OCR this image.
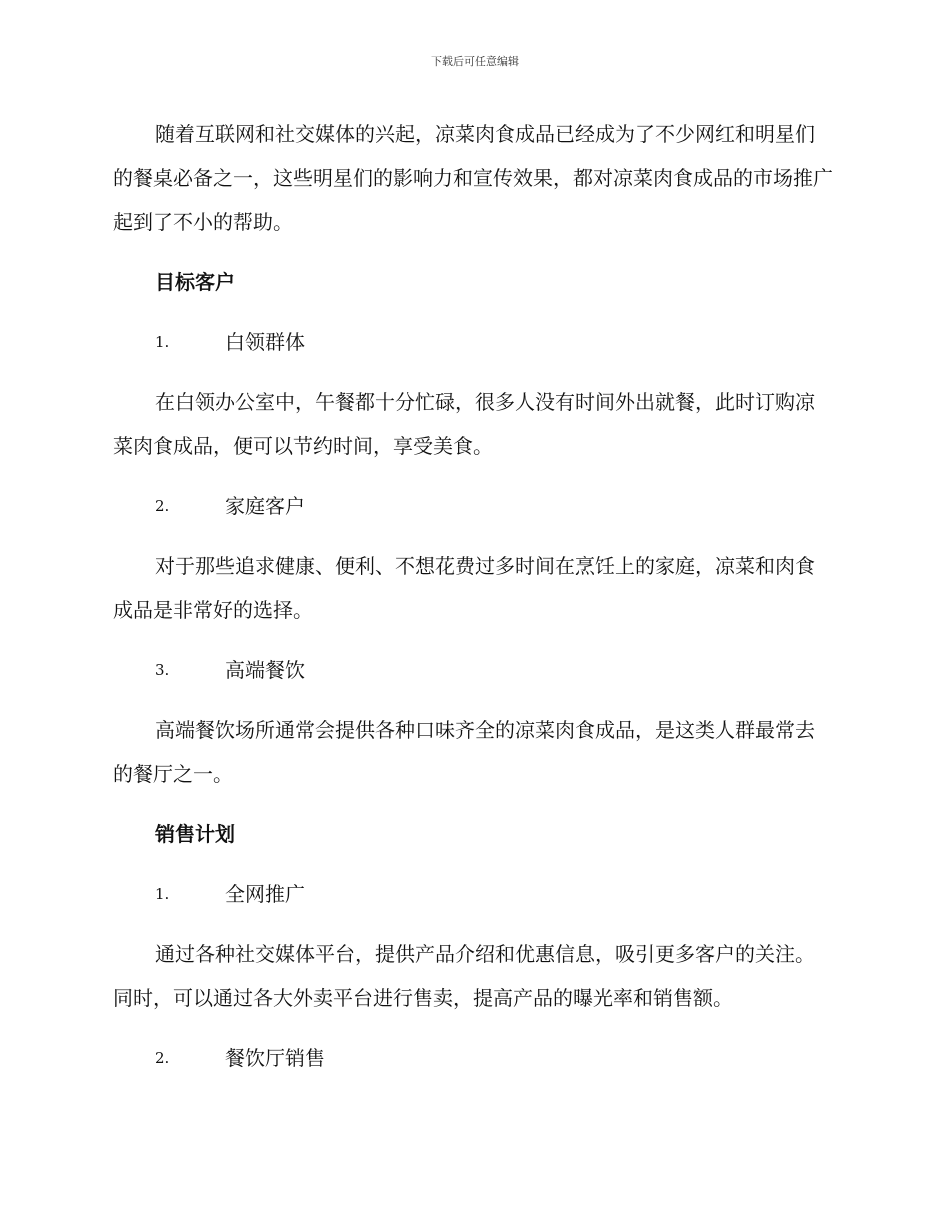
下载后可任意编辑

随着互联网和社交媒体的兴起，凉菜肉食成品已经成为了不少网红和明星们的餐桌必备之一，这些明星们的影响力和宣传效果，都对凉菜肉食成品的市场推广起到了不小的帮助。

目标客户
1.	白领群体

在白领办公室中，午餐都十分忙碌，很多人没有时间外出就餐，此时订购凉菜肉食成品，便可以节约时间，享受美食。

2.	家庭客户

对于那些追求健康、便利、不想花费过多时间在烹饪上的家庭，凉菜和肉食成品是非常好的选择。

3.	高端餐饮

高端餐饮场所通常会提供各种口味齐全的凉菜肉食成品，是这类人群最常去的餐厅之一。

销售计划
1.	全网推广

通过各种社交媒体平台，提供产品介绍和优惠信息，吸引更多客户的关注。同时，可以通过各大外卖平台进行售卖，提高产品的曝光率和销售额。

2.	餐饮厅销售
